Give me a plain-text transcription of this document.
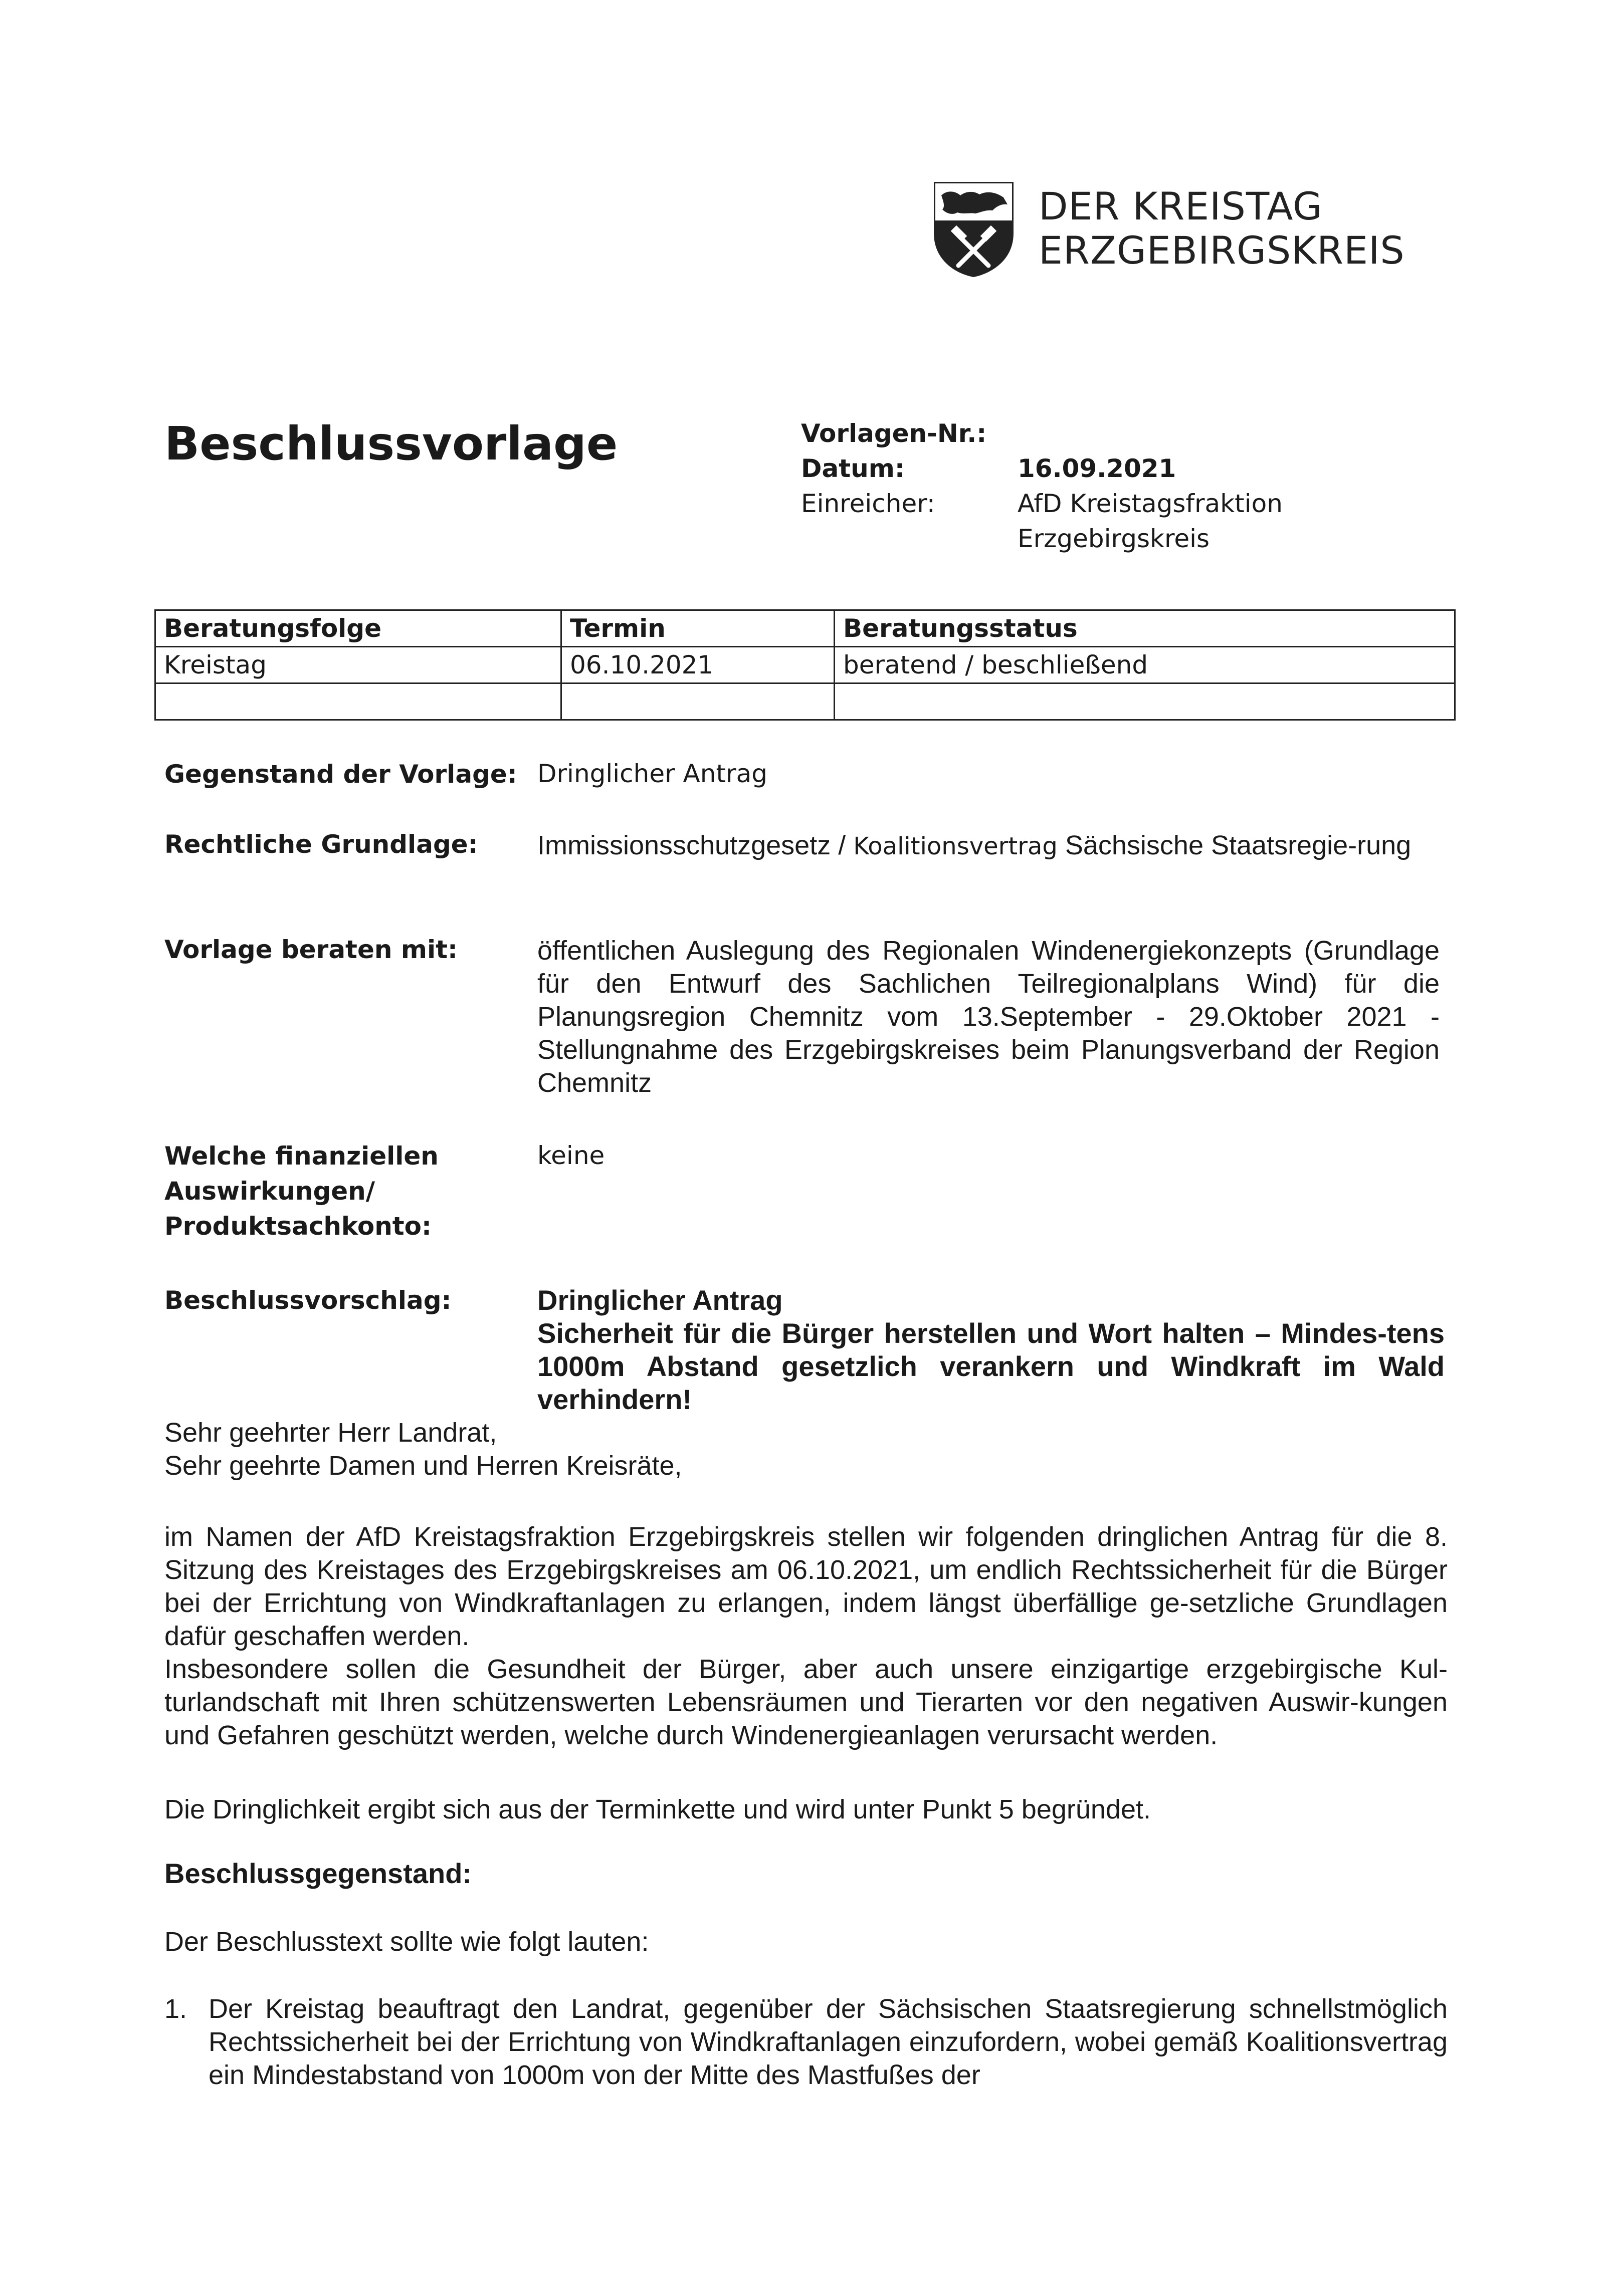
DER KREISTAG
ERZGEBIRGSKREIS
Beschlussvorlage	Vorlagen-Nr.:
Datum:	16.09.2021
Einreicher:	AfD Kreistagsfraktion
Erzgebirgskreis
Beratungsfolge	Termin	Beratungsstatus
Kreistag	06.10.2021	beratend / beschließend

Gegenstand der Vorlage: Dringlicher Antrag
Rechtliche Grundlage: Immissionsschutzgesetz / Koalitionsvertrag Sächsische Staatsregie-rung
Vorlage beraten mit:	öffentlichen Auslegung des Regionalen Windenergiekonzepts (Grundlage für den Entwurf des Sachlichen Teilregionalplans Wind) für die Planungsregion Chemnitz vom 13.September - 29.Oktober 2021 - Stellungnahme des Erzgebirgskreises beim Planungsverband der Region Chemnitz
Welche finanziellen
Auswirkungen/
Produktsachkonto:
keine
Beschlussvorschlag:	Dringlicher Antrag
Sicherheit für die Bürger herstellen und Wort halten – Mindes-tens 1000m Abstand gesetzlich verankern und Windkraft im Wald verhindern!

Sehr geehrter Herr Landrat,

Sehr geehrte Damen und Herren Kreisräte,

im Namen der AfD Kreistagsfraktion Erzgebirgskreis stellen wir folgenden dringlichen Antrag für die 8. Sitzung des Kreistages des Erzgebirgskreises am 06.10.2021, um endlich Rechtssicherheit für die Bürger bei der Errichtung von Windkraftanlagen zu erlangen, indem längst überfällige ge-setzliche Grundlagen dafür geschaffen werden.

Insbesondere sollen die Gesundheit der Bürger, aber auch unsere einzigartige erzgebirgische Kul-turlandschaft mit Ihren schützenswerten Lebensräumen und Tierarten vor den negativen Auswir-kungen und Gefahren geschützt werden, welche durch Windenergieanlagen verursacht werden.

Die Dringlichkeit ergibt sich aus der Terminkette und wird unter Punkt 5 begründet.
Beschlussgegenstand:
Der Beschlusstext sollte wie folgt lauten:
1. Der Kreistag beauftragt den Landrat, gegenüber der Sächsischen Staatsregierung schnellstmöglich Rechtssicherheit bei der Errichtung von Windkraftanlagen einzufordern, wobei gemäß Koalitionsvertrag ein Mindestabstand von 1000m von der Mitte des Mastfußes der
